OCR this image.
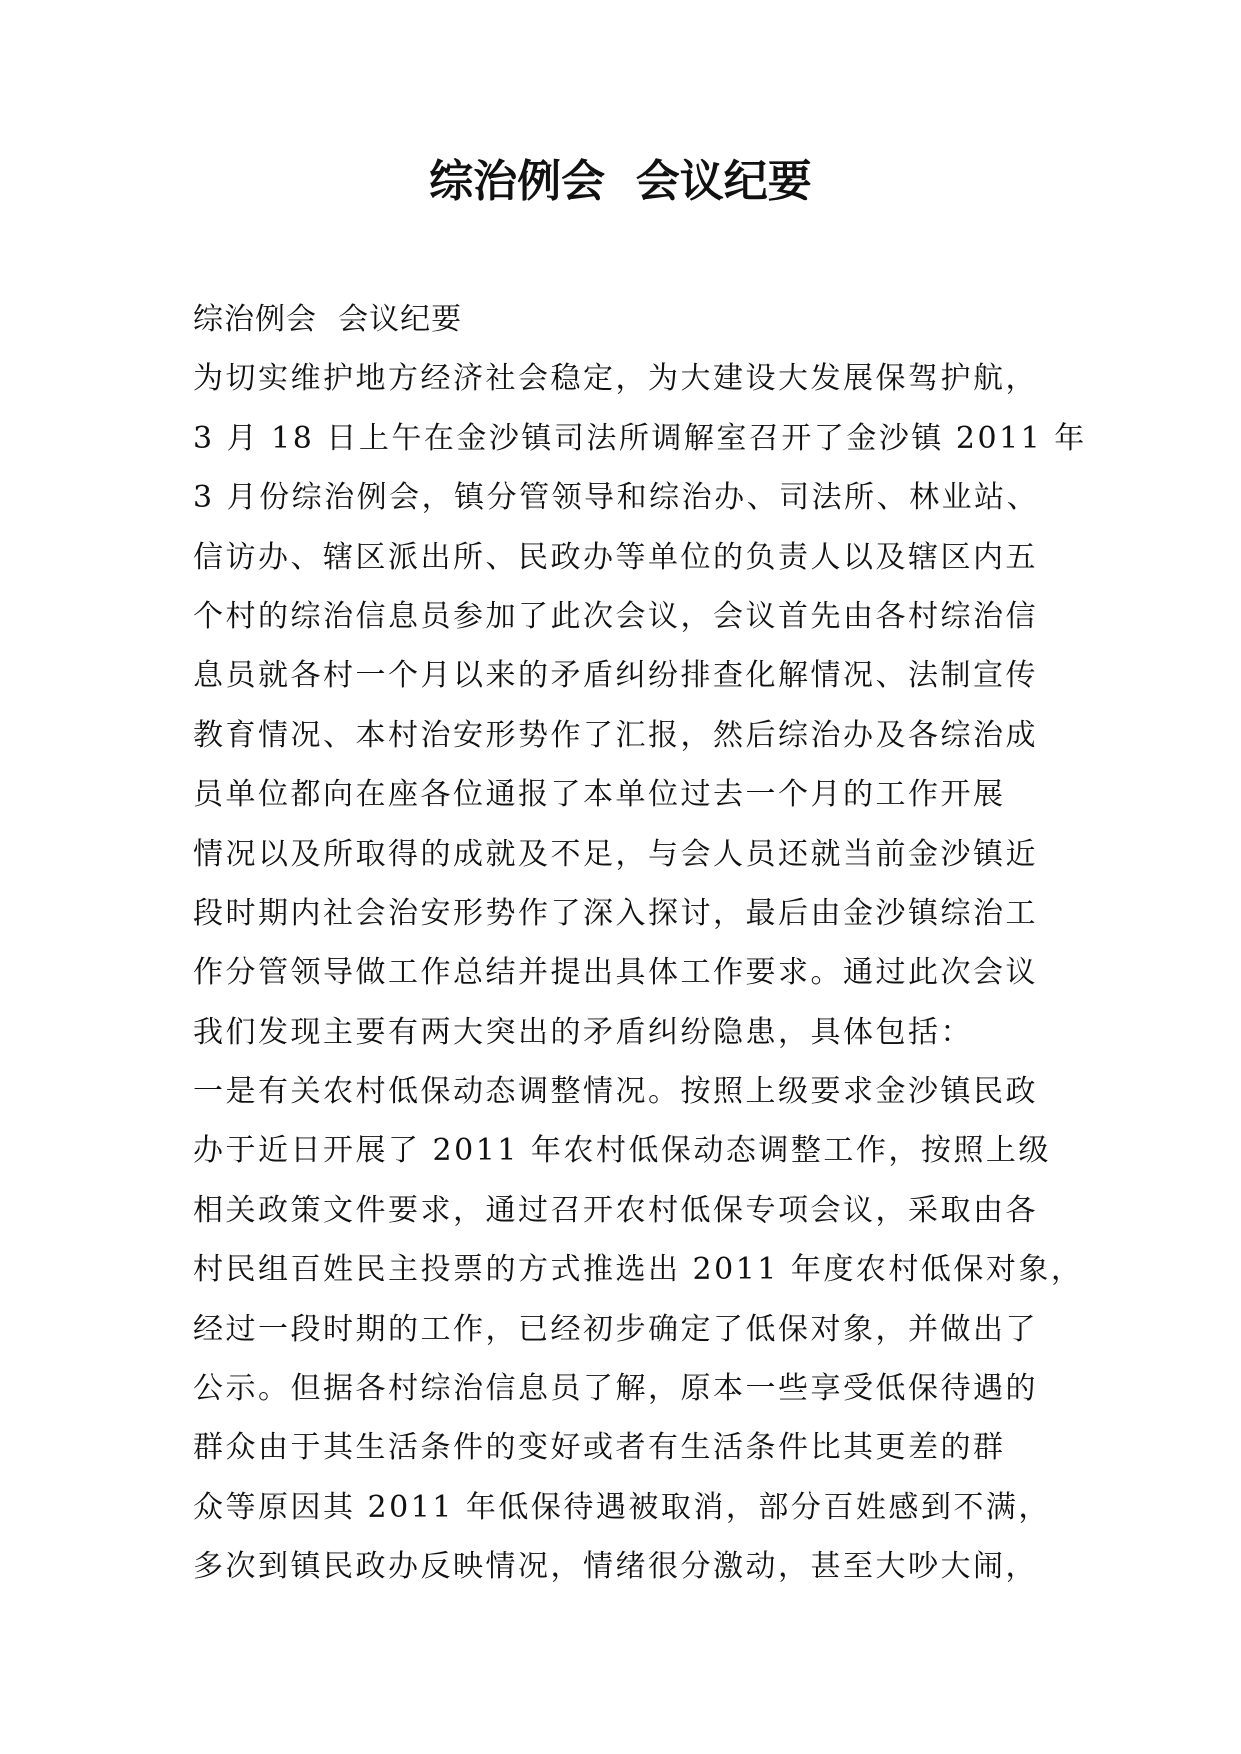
综治例会  会议纪要
综治例会  会议纪要
为切实维护地方经济社会稳定，为大建设大发展保驾护航，
3 月 18 日上午在金沙镇司法所调解室召开了金沙镇 2011 年
3 月份综治例会，镇分管领导和综治办、司法所、林业站、
信访办、辖区派出所、民政办等单位的负责人以及辖区内五
个村的综治信息员参加了此次会议，会议首先由各村综治信
息员就各村一个月以来的矛盾纠纷排查化解情况、法制宣传
教育情况、本村治安形势作了汇报，然后综治办及各综治成
员单位都向在座各位通报了本单位过去一个月的工作开展
情况以及所取得的成就及不足，与会人员还就当前金沙镇近
段时期内社会治安形势作了深入探讨，最后由金沙镇综治工
作分管领导做工作总结并提出具体工作要求。通过此次会议
我们发现主要有两大突出的矛盾纠纷隐患，具体包括：
一是有关农村低保动态调整情况。按照上级要求金沙镇民政
办于近日开展了 2011 年农村低保动态调整工作，按照上级
相关政策文件要求，通过召开农村低保专项会议，采取由各
村民组百姓民主投票的方式推选出 2011 年度农村低保对象，
经过一段时期的工作，已经初步确定了低保对象，并做出了
公示。但据各村综治信息员了解，原本一些享受低保待遇的
群众由于其生活条件的变好或者有生活条件比其更差的群
众等原因其 2011 年低保待遇被取消，部分百姓感到不满，
多次到镇民政办反映情况，情绪很分激动，甚至大吵大闹，
